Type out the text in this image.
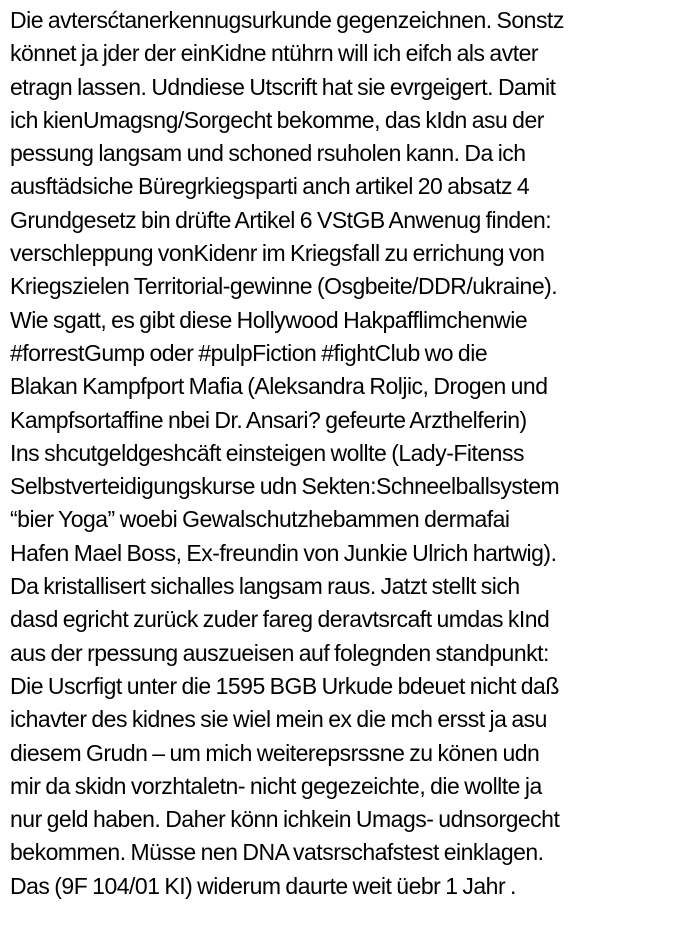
Die avtersćtanerkennugsurkunde gegenzeichnen. Sonstz
könnet ja jder der einKidne ntührn will ich eifch als avter
etragn lassen. Udndiese Utscrift hat sie evrgeigert. Damit
ich kienUmagsng/Sorgecht bekomme, das kIdn asu der
pessung langsam und schoned rsuholen kann. Da ich
ausftädsiche Büregrkiegsparti anch artikel 20 absatz 4
Grundgesetz bin drüfte Artikel 6 VStGB Anwenug finden:
verschleppung vonKidenr im Kriegsfall zu errichung von
Kriegszielen Territorial-gewinne (Osgbeite/DDR/ukraine).
Wie sgatt, es gibt diese Hollywood Hakpafflimchenwie
#forrestGump oder #pulpFiction #fightClub wo die
Blakan Kampfport Mafia (Aleksandra Roljic, Drogen und
Kampfsortaffine nbei Dr. Ansari? gefeurte Arzthelferin)
Ins shcutgeldgeshcäft einsteigen wollte (Lady-Fitenss
Selbstverteidigungskurse udn Sekten:Schneelballsystem
“bier Yoga” woebi Gewalschutzhebammen dermafai
Hafen Mael Boss, Ex-freundin von Junkie Ulrich hartwig).
Da kristallisert sichalles langsam raus. Jatzt stellt sich
dasd egricht zurück zuder fareg deravtsrcaft umdas kInd
aus der rpessung auszueisen auf folegnden standpunkt:
Die Uscrfigt unter die 1595 BGB Urkude bdeuet nicht daß
ichavter des kidnes sie wiel mein ex die mch ersst ja asu
diesem Grudn – um mich weiterepsrssne zu könen udn
mir da skidn vorzhtaletn- nicht gegezeichte, die wollte ja
nur geld haben. Daher könn ichkein Umags- udnsorgecht
bekommen. Müsse nen DNA vatsrschafstest einklagen.
Das (9F 104/01 KI) widerum daurte weit üebr 1 Jahr .
